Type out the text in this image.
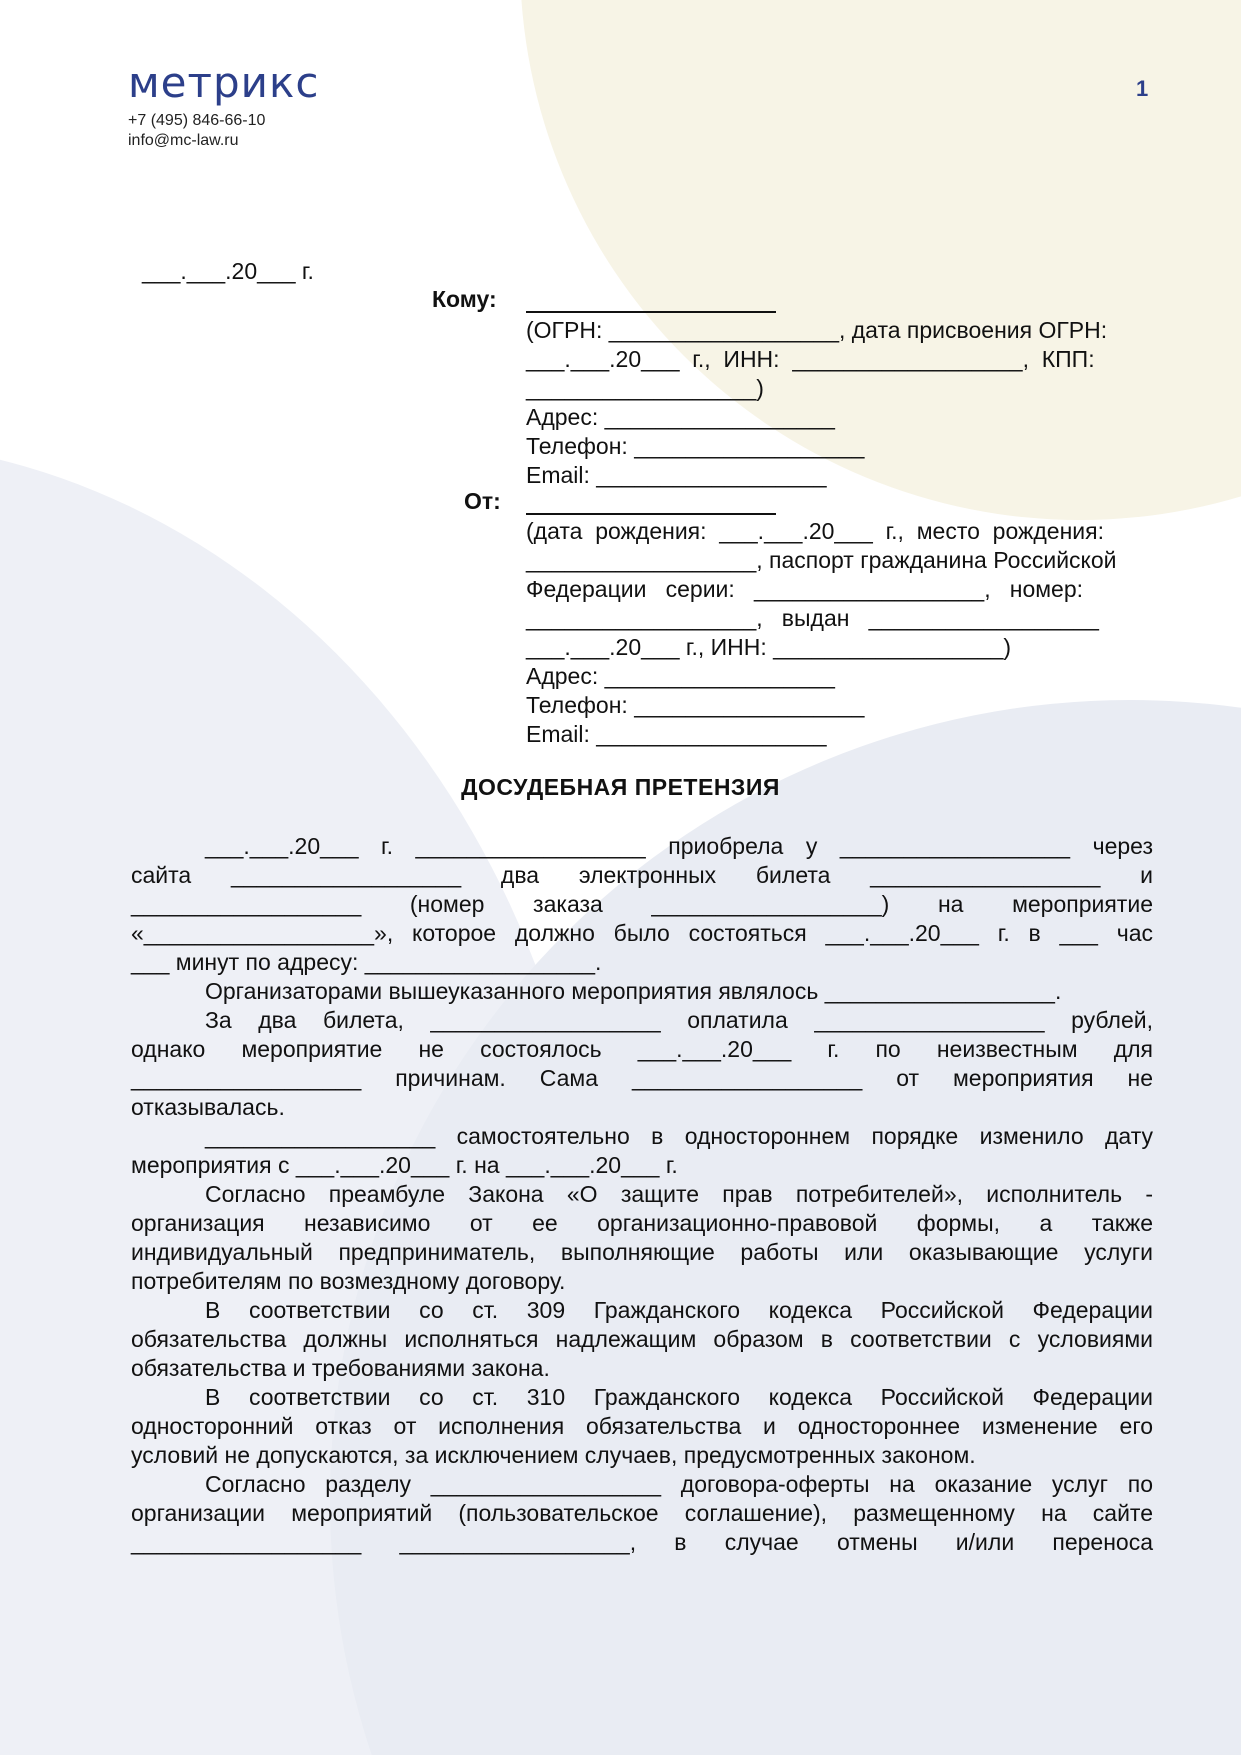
метрикс
+7 (495) 846-66-10
info@mc-law.ru
1
___.___.20___ г.
Кому:
(ОГРН: __________________, дата присвоения ОГРН:
___.___.20___  г.,  ИНН:  __________________,  КПП:
__________________)
Адрес: __________________
Телефон: __________________
Email: __________________
От:
(дата  рождения:  ___.___.20___  г.,  место  рождения:
__________________, паспорт гражданина Российской
Федерации   серии:   __________________,   номер:
__________________,   выдан   __________________
___.___.20___ г., ИНН: __________________)
Адрес: __________________
Телефон: __________________
Email: __________________
ДОСУДЕБНАЯ ПРЕТЕНЗИЯ
___.___.20___ г. __________________ приобрела у __________________ через
сайта __________________ два электронных билета __________________ и
__________________ (номер заказа __________________) на мероприятие
«__________________», которое должно было состояться ___.___.20___ г. в ___ час
___ минут по адресу: __________________.
Организаторами вышеуказанного мероприятия являлось __________________.
За два билета, __________________ оплатила __________________ рублей,
однако мероприятие не состоялось ___.___.20___ г. по неизвестным для
__________________ причинам. Сама __________________ от мероприятия не
отказывалась.
__________________ самостоятельно в одностороннем порядке изменило дату
мероприятия с ___.___.20___ г. на ___.___.20___ г.
Согласно преамбуле Закона «О защите прав потребителей», исполнитель -
организация независимо от ее организационно-правовой формы, а также
индивидуальный предприниматель, выполняющие работы или оказывающие услуги
потребителям по возмездному договору.
В соответствии со ст. 309 Гражданского кодекса Российской Федерации
обязательства должны исполняться надлежащим образом в соответствии с условиями
обязательства и требованиями закона.
В соответствии со ст. 310 Гражданского кодекса Российской Федерации
односторонний отказ от исполнения обязательства и одностороннее изменение его
условий не допускаются, за исключением случаев, предусмотренных законом.
Согласно разделу __________________ договора-оферты на оказание услуг по
организации мероприятий (пользовательское соглашение), размещенному на сайте
__________________ __________________, в случае отмены и/или переноса
